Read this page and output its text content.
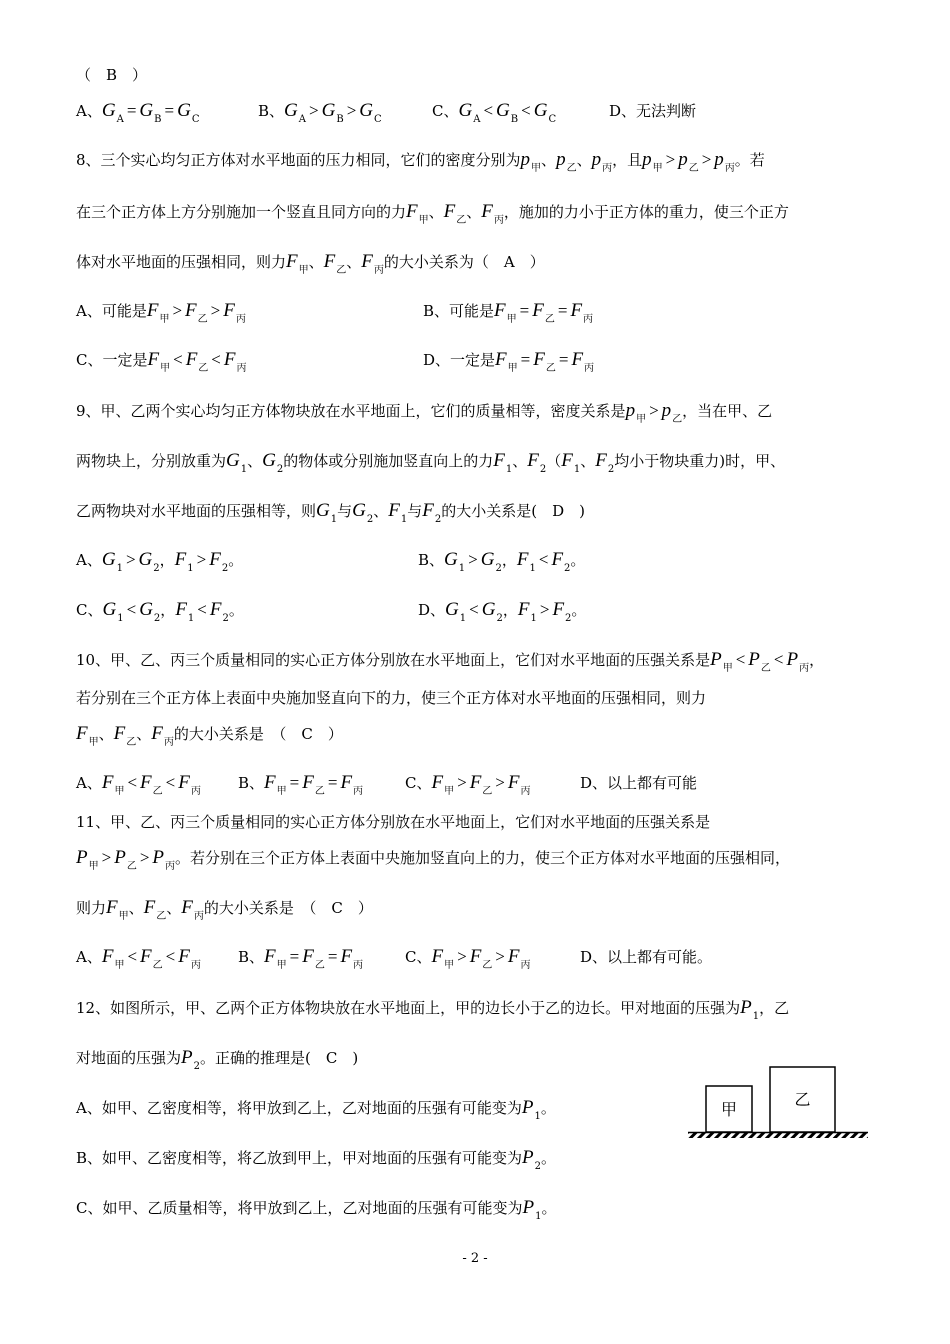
（　B　）
A、$G_A = G_B = G_C$	B、$G_A > G_B > G_C$	C、$G_A < G_B < G_C$	D、无法判断
8、三个实心均匀正方体对水平地面的压力相同，它们的密度分别为$p_甲$、$p_乙$、$p_丙$，且$p_甲 > p_乙 > p_丙$。若
在三个正方体上方分别施加一个竖直且同方向的力$F_甲$、$F_乙$、$F_丙$，施加的力小于正方体的重力，使三个正方
体对水平地面的压强相同，则力$F_甲$、$F_乙$、$F_丙$的大小关系为（　A　）
A、可能是$F_甲 > F_乙 > F_丙$	B、可能是$F_甲 = F_乙 = F_丙$
C、一定是$F_甲 < F_乙 < F_丙$	D、一定是$F_甲 = F_乙 = F_丙$
9、甲、乙两个实心均匀正方体物块放在水平地面上，它们的质量相等，密度关系是$p_甲 > p_乙$，当在甲、乙
两物块上，分别放重为$G_1$、$G_2$的物体或分别施加竖直向上的力$F_1$、$F_2(F_1$、$F_2$均小于物块重力)时，甲、
乙两物块对水平地面的压强相等，则$G_1$与$G_2$、$F_1$与$F_2$的大小关系是(　D　)
A、$G_1 > G_2$，$F_1 > F_2$。	B、$G_1 > G_2$，$F_1 < F_2$。
C、$G_1 < G_2$，$F_1 < F_2$。	D、$G_1 < G_2$，$F_1 > F_2$。
10、甲、乙、丙三个质量相同的实心正方体分别放在水平地面上，它们对水平地面的压强关系是$P_甲 < P_乙 < P_丙$，
若分别在三个正方体上表面中央施加竖直向下的力，使三个正方体对水平地面的压强相同，则力
$F_甲$、$F_乙$、$F_丙$的大小关系是　（　C　）
A、$F_甲 < F_乙 < F_丙$ B、$F_甲 = F_乙 = F_丙$	C、$F_甲 > F_乙 > F_丙$	D、以上都有可能
11、甲、乙、丙三个质量相同的实心正方体分别放在水平地面上，它们对水平地面的压强关系是
$P_甲 > P_乙 > P_丙$。若分别在三个正方体上表面中央施加竖直向上的力，使三个正方体对水平地面的压强相同，
则力$F_甲$、$F_乙$、$F_丙$的大小关系是　（　C　）
A、$F_甲 < F_乙 < F_丙$ B、$F_甲 = F_乙 = F_丙$	C、$F_甲 > F_乙 > F_丙$	D、以上都有可能。
12、如图所示，甲、乙两个正方体物块放在水平地面上，甲的边长小于乙的边长。甲对地面的压强为$P_1$，乙
对地面的压强为$P_2$。正确的推理是(　C　)
A、如甲、乙密度相等，将甲放到乙上，乙对地面的压强有可能变为$P_1$。
B、如甲、乙密度相等，将乙放到甲上，甲对地面的压强有可能变为$P_2$。
C、如甲、乙质量相等，将甲放到乙上，乙对地面的压强有可能变为$P_1$。
甲
乙
- 2 -
